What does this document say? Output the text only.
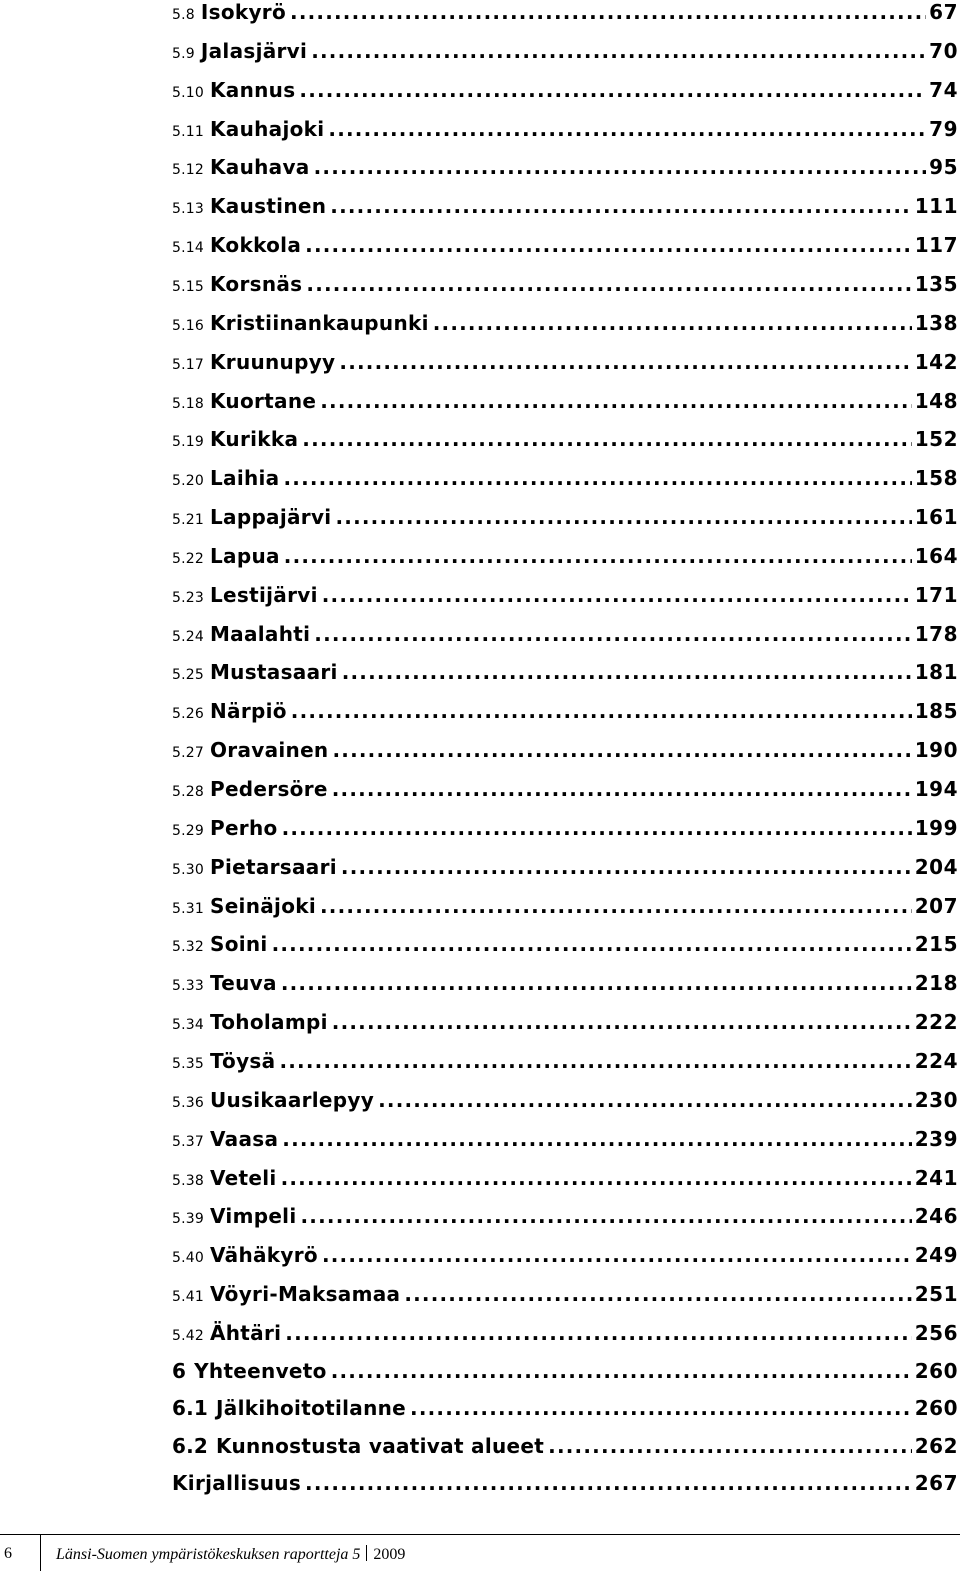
5.8 Isokyrö .....	67
5.9 Jalasjärvi .....	70
5.10 Kannus .....	74
5.11 Kauhajoki .....	79
5.12 Kauhava .....	95
5.13 Kaustinen .....	111
5.14 Kokkola .....	117
5.15 Korsnäs .....	135
5.16 Kristiinankaupunki .....	138
5.17 Kruunupyy .....	142
5.18 Kuortane .....	148
5.19 Kurikka .....	152
5.20 Laihia .....	158
5.21 Lappajärvi .....	161
5.22 Lapua .....	164
5.23 Lestijärvi .....	171
5.24 Maalahti .....	178
5.25 Mustasaari .....	181
5.26 Närpiö .....	185
5.27 Oravainen .....	190
5.28 Pedersöre .....	194
5.29 Perho .....	199
5.30 Pietarsaari .....	204
5.31 Seinäjoki .....	207
5.32 Soini .....	215
5.33 Teuva .....	218
5.34 Toholampi .....	222
5.35 Töysä .....	224
5.36 Uusikaarlepyy .....	230
5.37 Vaasa .....	239
5.38 Veteli .....	241
5.39 Vimpeli .....	246
5.40 Vähäkyrö .....	249
5.41 Vöyri-Maksamaa .....	251
5.42 Ähtäri .....	256
6 Yhteenveto .....	260
6.1 Jälkihoitotilanne .....	260
6.2 Kunnostusta vaativat alueet .....	262
Kirjallisuus .....	267
6	Länsi-Suomen ympäristökeskuksen raportteja 5 2009
